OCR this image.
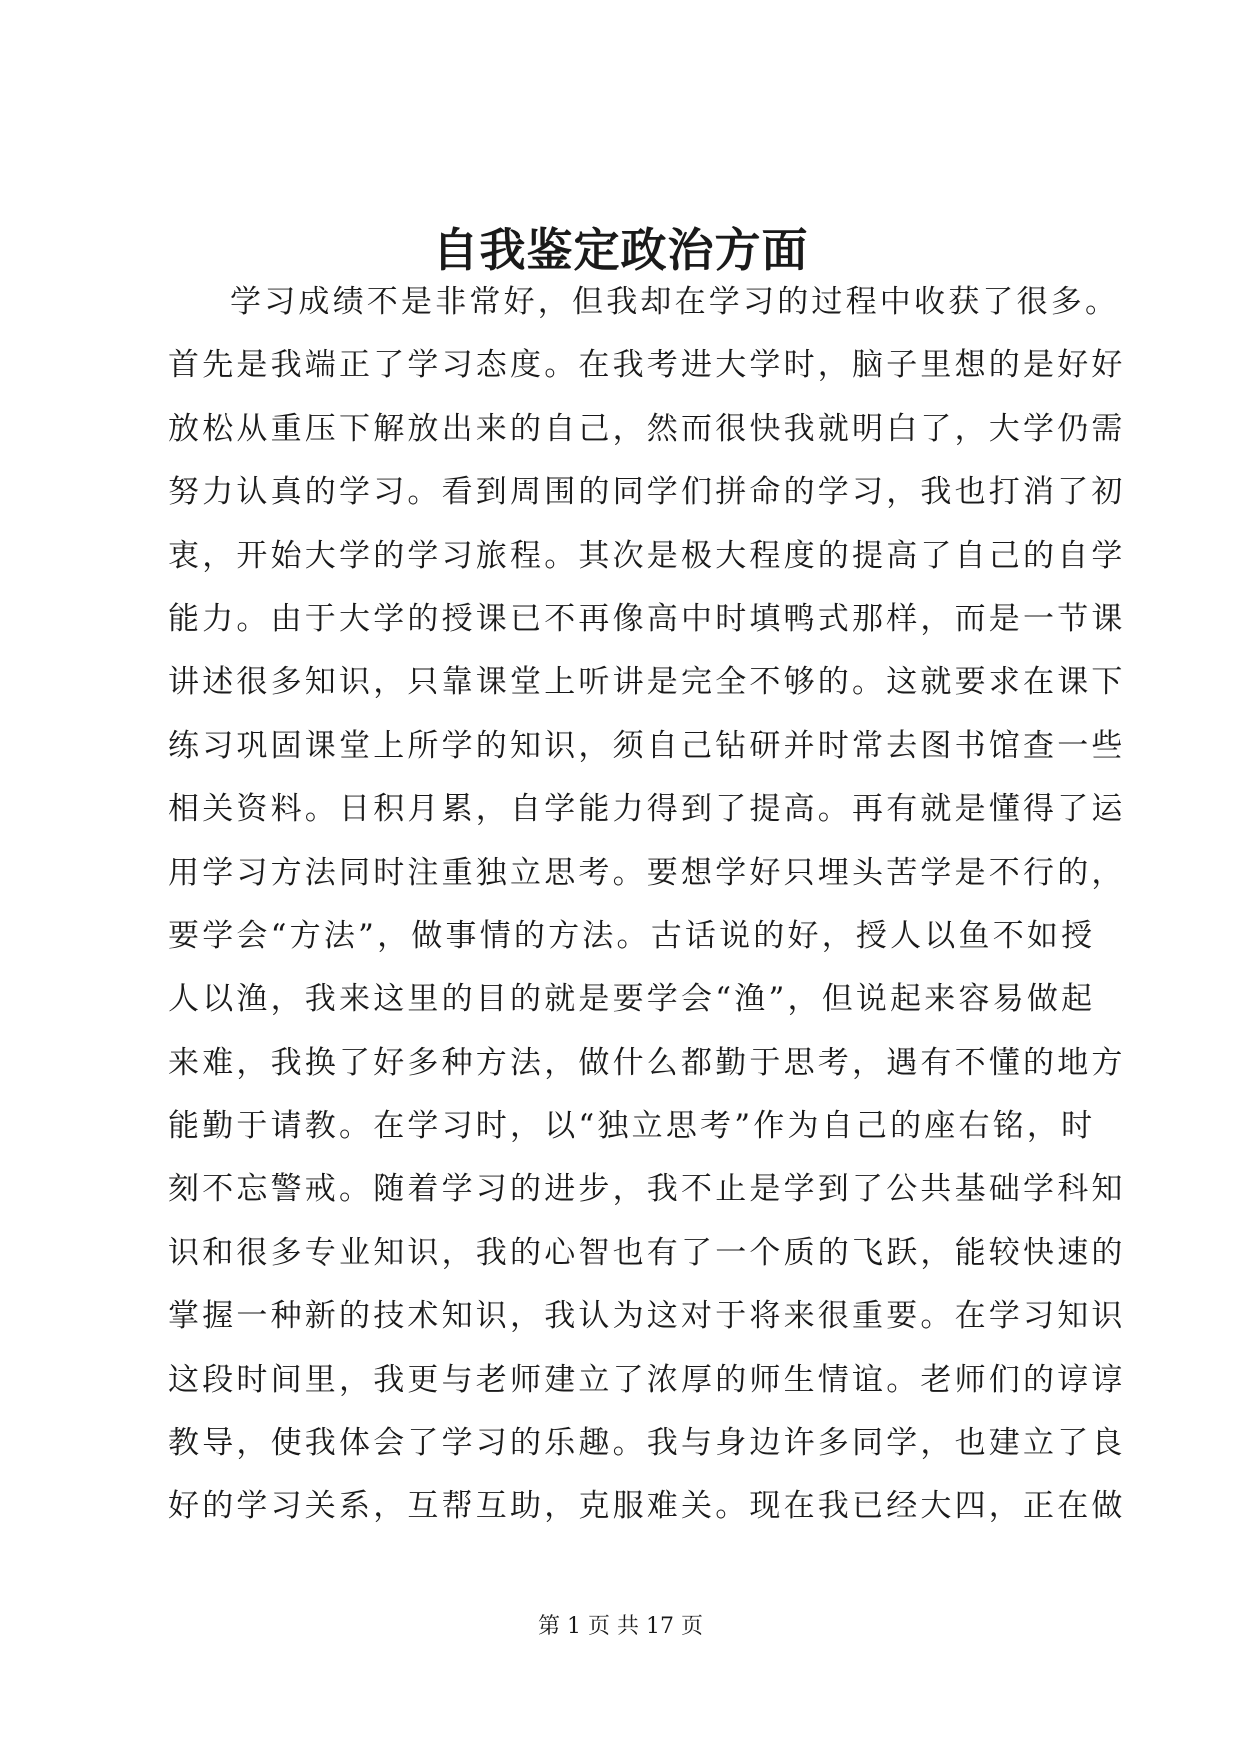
自我鉴定政治方面
学习成绩不是非常好，但我却在学习的过程中收获了很多。
首先是我端正了学习态度。在我考进大学时，脑子里想的是好好
放松从重压下解放出来的自己，然而很快我就明白了，大学仍需
努力认真的学习。看到周围的同学们拼命的学习，我也打消了初
衷，开始大学的学习旅程。其次是极大程度的提高了自己的自学
能力。由于大学的授课已不再像高中时填鸭式那样，而是一节课
讲述很多知识，只靠课堂上听讲是完全不够的。这就要求在课下
练习巩固课堂上所学的知识，须自己钻研并时常去图书馆查一些
相关资料。日积月累，自学能力得到了提高。再有就是懂得了运
用学习方法同时注重独立思考。要想学好只埋头苦学是不行的，
要学会“方法”，做事情的方法。古话说的好，授人以鱼不如授
人以渔，我来这里的目的就是要学会“渔”，但说起来容易做起
来难，我换了好多种方法，做什么都勤于思考，遇有不懂的地方
能勤于请教。在学习时，以“独立思考”作为自己的座右铭，时
刻不忘警戒。随着学习的进步，我不止是学到了公共基础学科知
识和很多专业知识，我的心智也有了一个质的飞跃，能较快速的
掌握一种新的技术知识，我认为这对于将来很重要。在学习知识
这段时间里，我更与老师建立了浓厚的师生情谊。老师们的谆谆
教导，使我体会了学习的乐趣。我与身边许多同学，也建立了良
好的学习关系，互帮互助，克服难关。现在我已经大四，正在做
第 1 页 共 17 页
